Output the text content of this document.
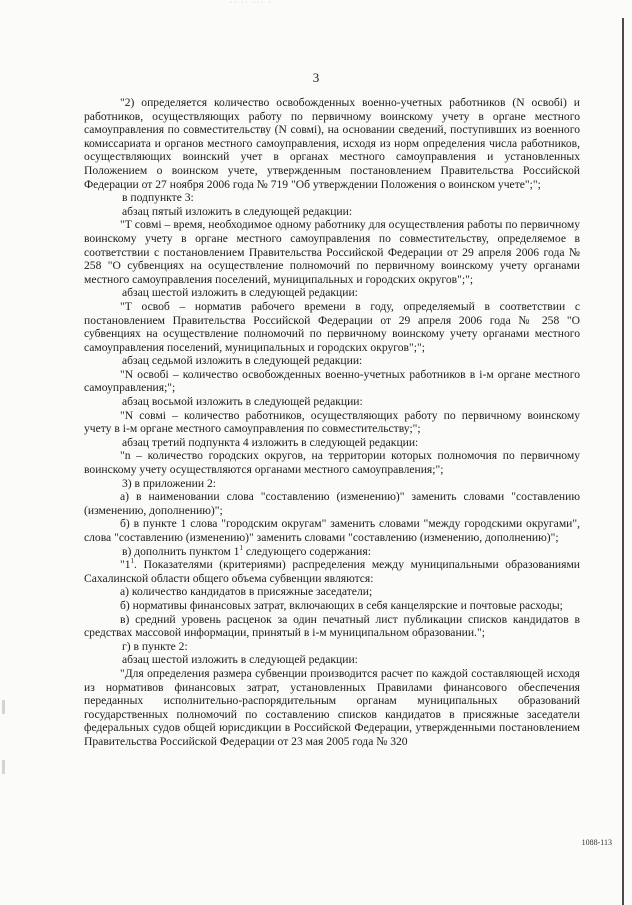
·· ·· ··· ·
3

"2) определяется количество освобожденных военно-учетных работников (N освобі) и работников, осуществляющих работу по первичному воинскому учету в органе местного самоуправления по совместительству (N совмі), на основании сведений, поступивших из военного комиссариата и органов местного самоуправления, исходя из норм определения числа работников, осуществляющих воинский учет в органах местного самоуправления и установленных Положением о воинском учете, утвержденным постановлением Правительства Российской Федерации от 27 ноября 2006 года № 719 "Об утверждении Положения о воинском учете";";

в подпункте 3:

абзац пятый изложить в следующей редакции:

"Т совмі – время, необходимое одному работнику для осуществления работы по первичному воинскому учету в органе местного самоуправления по совместительству, определяемое в соответствии с постановлением Правительства Российской Федерации от 29 апреля 2006 года № 258 "О субвенциях на осуществление полномочий по первичному воинскому учету органами местного самоуправления поселений, муниципальных и городских округов";";

абзац шестой изложить в следующей редакции:

"Т освоб – норматив рабочего времени в году, определяемый в соответствии с постановлением Правительства Российской Федерации от 29 апреля 2006 года № 258 "О субвенциях на осуществление полномочий по первичному воинскому учету органами местного самоуправления поселений, муниципальных и городских округов";";

абзац седьмой изложить в следующей редакции:

"N освобі – количество освобожденных военно-учетных работников в і-м органе местного самоуправления;";

абзац восьмой изложить в следующей редакции:

"N совмі – количество работников, осуществляющих работу по первичному воинскому учету в і-м органе местного самоуправления по совместительству;";

абзац третий подпункта 4 изложить в следующей редакции:

"n – количество городских округов, на территории которых полномочия по первичному воинскому учету осуществляются органами местного самоуправления;";

3) в приложении 2:

а) в наименовании слова "составлению (изменению)" заменить словами "составлению (изменению, дополнению)";

б) в пункте 1 слова "городским округам" заменить словами "между городскими округами", слова "составлению (изменению)" заменить словами "составлению (изменению, дополнению)";

в) дополнить пунктом $1^1$ следующего содержания:

"$1^1$. Показателями (критериями) распределения между муниципальными образованиями Сахалинской области общего объема субвенции являются:

а) количество кандидатов в присяжные заседатели;

б) нормативы финансовых затрат, включающих в себя канцелярские и почтовые расходы;

в) средний уровень расценок за один печатный лист публикации списков кандидатов в средствах массовой информации, принятый в і-м муниципальном образовании.";

г) в пункте 2:

абзац шестой изложить в следующей редакции:

"Для определения размера субвенции производится расчет по каждой составляющей исходя из нормативов финансовых затрат, установленных Правилами финансового обеспечения переданных исполнительно-распорядительным органам муниципальных образований государственных полномочий по составлению списков кандидатов в присяжные заседатели федеральных судов общей юрисдикции в Российской Федерации, утвержденными постановлением Правительства Российской Федерации от 23 мая 2005 года № 320

1088-113
